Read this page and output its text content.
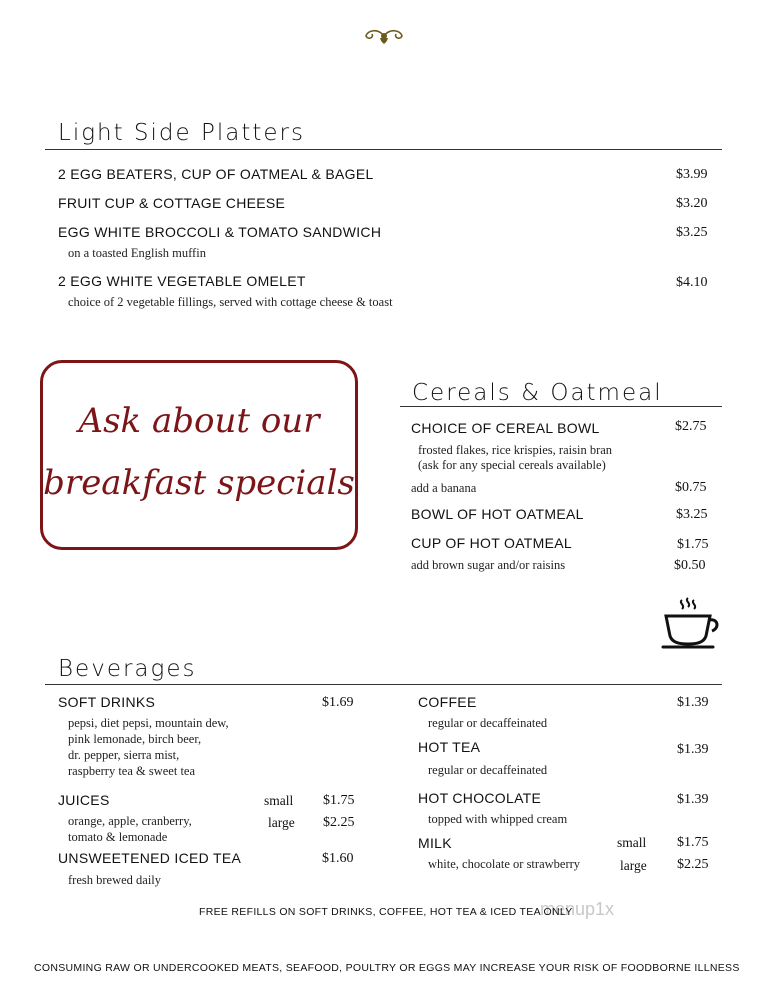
Light Side Platters
2 EGG BEATERS, CUP OF OATMEAL & BAGEL	$3.99
FRUIT CUP & COTTAGE CHEESE	$3.20
EGG WHITE BROCCOLI & TOMATO SANDWICH	$3.25
on a toasted English muffin
2 EGG WHITE VEGETABLE OMELET	$4.10
choice of 2 vegetable fillings, served with cottage cheese & toast
Ask about our
breakfast specials
Cereals & Oatmeal
CHOICE OF CEREAL BOWL	$2.75
frosted flakes, rice krispies, raisin bran
(ask for any special cereals available)
add a banana	$0.75
BOWL OF HOT OATMEAL	$3.25
CUP OF HOT OATMEAL	$1.75
add brown sugar and/or raisins	$0.50
Beverages
SOFT DRINKS	$1.69
pepsi, diet pepsi, mountain dew,
pink lemonade, birch beer,
dr. pepper, sierra mist,
raspberry tea & sweet tea
JUICES	small $1.75
orange, apple, cranberry,	large $2.25
tomato & lemonade
UNSWEETENED ICED TEA	$1.60
fresh brewed daily
COFFEE	$1.39
regular or decaffeinated
HOT TEA	$1.39
regular or decaffeinated
HOT CHOCOLATE	$1.39
topped with whipped cream
MILK	small $1.75
white, chocolate or strawberry	large $2.25
menup1x
FREE REFILLS ON SOFT DRINKS, COFFEE, HOT TEA & ICED TEA ONLY
CONSUMING RAW OR UNDERCOOKED MEATS, SEAFOOD, POULTRY OR EGGS MAY INCREASE YOUR RISK OF FOODBORNE ILLNESS
